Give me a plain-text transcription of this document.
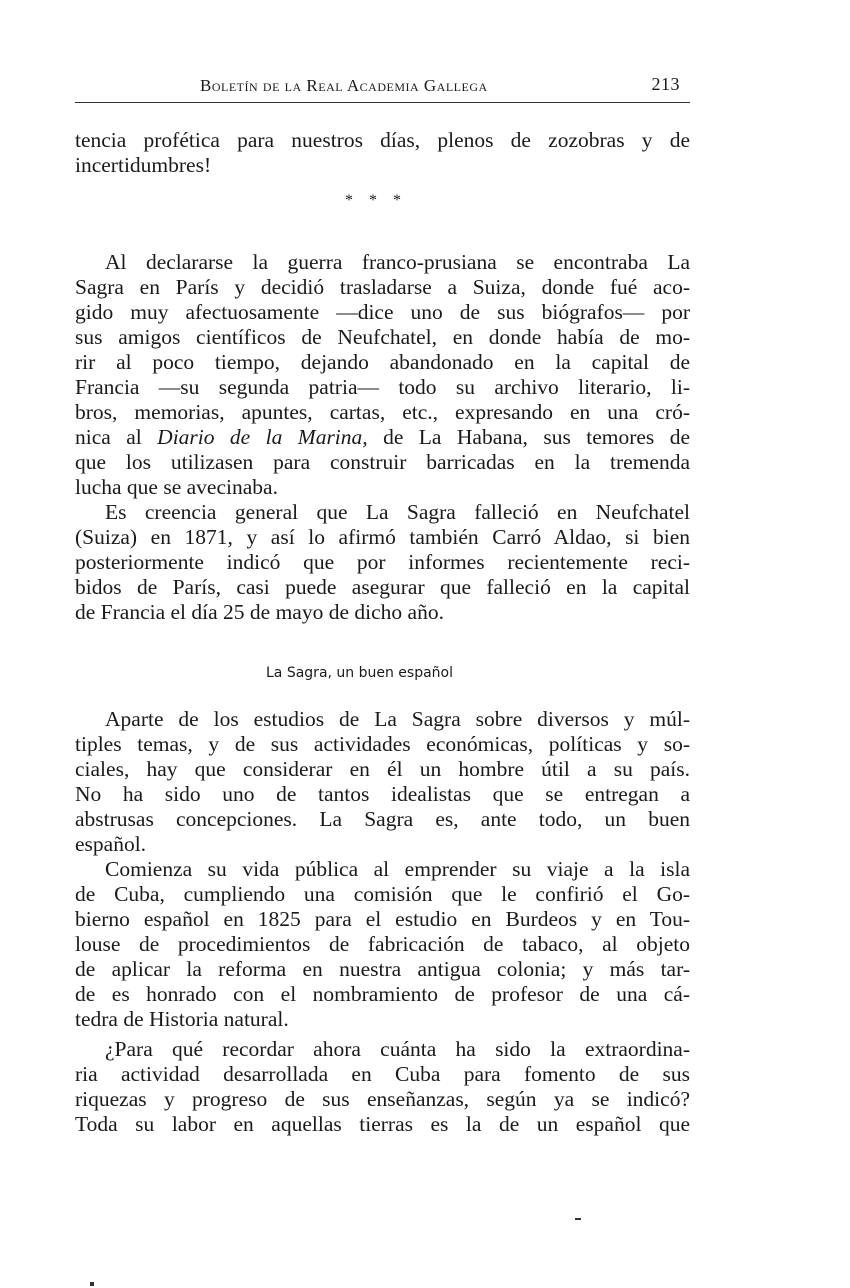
Boletín de la Real Academia Gallega	213
tencia profética para nuestros días, plenos de zozobras y de
incertidumbres!
* * *
Al declararse la guerra franco-prusiana se encontraba La
Sagra en París y decidió trasladarse a Suiza, donde fué aco-
gido muy afectuosamente —dice uno de sus biógrafos— por
sus amigos científicos de Neufchatel, en donde había de mo-
rir al poco tiempo, dejando abandonado en la capital de
Francia —su segunda patria— todo su archivo literario, li-
bros, memorias, apuntes, cartas, etc., expresando en una cró-
nica al Diario de la Marina, de La Habana, sus temores de
que los utilizasen para construir barricadas en la tremenda
lucha que se avecinaba.
Es creencia general que La Sagra falleció en Neufchatel
(Suiza) en 1871, y así lo afirmó también Carró Aldao, si bien
posteriormente indicó que por informes recientemente reci-
bidos de París, casi puede asegurar que falleció en la capital
de Francia el día 25 de mayo de dicho año.
La Sagra, un buen español
Aparte de los estudios de La Sagra sobre diversos y múl-
tiples temas, y de sus actividades económicas, políticas y so-
ciales, hay que considerar en él un hombre útil a su país.
No ha sido uno de tantos idealistas que se entregan a
abstrusas concepciones. La Sagra es, ante todo, un buen
español.
Comienza su vida pública al emprender su viaje a la isla
de Cuba, cumpliendo una comisión que le confirió el Go-
bierno español en 1825 para el estudio en Burdeos y en Tou-
louse de procedimientos de fabricación de tabaco, al objeto
de aplicar la reforma en nuestra antigua colonia; y más tar-
de es honrado con el nombramiento de profesor de una cá-
tedra de Historia natural.
¿Para qué recordar ahora cuánta ha sido la extraordina-
ria actividad desarrollada en Cuba para fomento de sus
riquezas y progreso de sus enseñanzas, según ya se indicó?
Toda su labor en aquellas tierras es la de un español que
